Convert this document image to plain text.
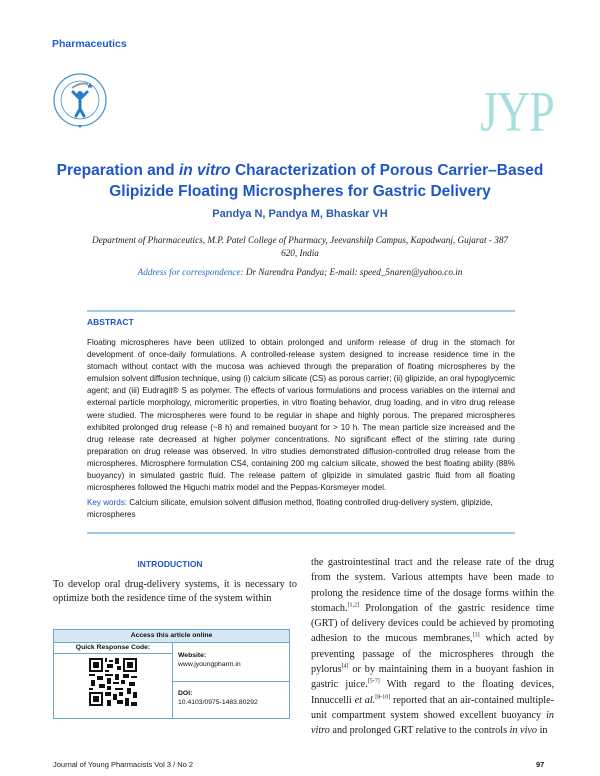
Pharmaceutics
JYP
Preparation and in vitro Characterization of Porous Carrier–Based Glipizide Floating Microspheres for Gastric Delivery
Pandya N, Pandya M, Bhaskar VH
Department of Pharmaceutics, M.P. Patel College of Pharmacy, Jeevanshilp Campus, Kapadwanj, Gujarat - 387 620, India
Address for correspondence: Dr Narendra Pandya; E-mail: speed_5naren@yahoo.co.in
ABSTRACT
Floating microspheres have been utilized to obtain prolonged and uniform release of drug in the stomach for development of once-daily formulations. A controlled-release system designed to increase residence time in the stomach without contact with the mucosa was achieved through the preparation of floating microspheres by the emulsion solvent diffusion technique, using (i) calcium silicate (CS) as porous carrier; (ii) glipizide, an oral hypoglycemic agent; and (iii) Eudragit® S as polymer. The effects of various formulations and process variables on the internal and external particle morphology, micromeritic properties, in vitro floating behavior, drug loading, and in vitro drug release were studied. The microspheres were found to be regular in shape and highly porous. The prepared microspheres exhibited prolonged drug release (~8 h) and remained buoyant for > 10 h. The mean particle size increased and the drug release rate decreased at higher polymer concentrations. No significant effect of the stirring rate during preparation on drug release was observed. In vitro studies demonstrated diffusion-controlled drug release from the microspheres. Microsphere formulation CS4, containing 200 mg calcium silicate, showed the best floating ability (88% buoyancy) in simulated gastric fluid. The release pattern of glipizide in simulated gastric fluid from all floating microspheres followed the Higuchi matrix model and the Peppas-Korsmeyer model.
Key words: Calcium silicate, emulsion solvent diffusion method, floating controlled drug-delivery system, glipizide, microspheres
INTRODUCTION
To develop oral drug-delivery systems, it is necessary to optimize both the residence time of the system within
the gastrointestinal tract and the release rate of the drug from the system. Various attempts have been made to prolong the residence time of the dosage forms within the stomach.[1,2] Prolongation of the gastric residence time (GRT) of delivery devices could be achieved by promoting adhesion to the mucous membranes,[3] which acted by preventing passage of the microspheres through the pylorus[4] or by maintaining them in a buoyant fashion in gastric juice.[5-7] With regard to the floating devices, Innuccelli et al.[8-10] reported that an air-contained multiple-unit compartment system showed excellent buoyancy in vitro and prolonged GRT relative to the controls in vivo in
Access this article online
Quick Response Code:
Website:
www.jyoungpharm.in
DOI:
10.4103/0975-1483.80292
Journal of Young Pharmacists Vol 3 / No 2	97
